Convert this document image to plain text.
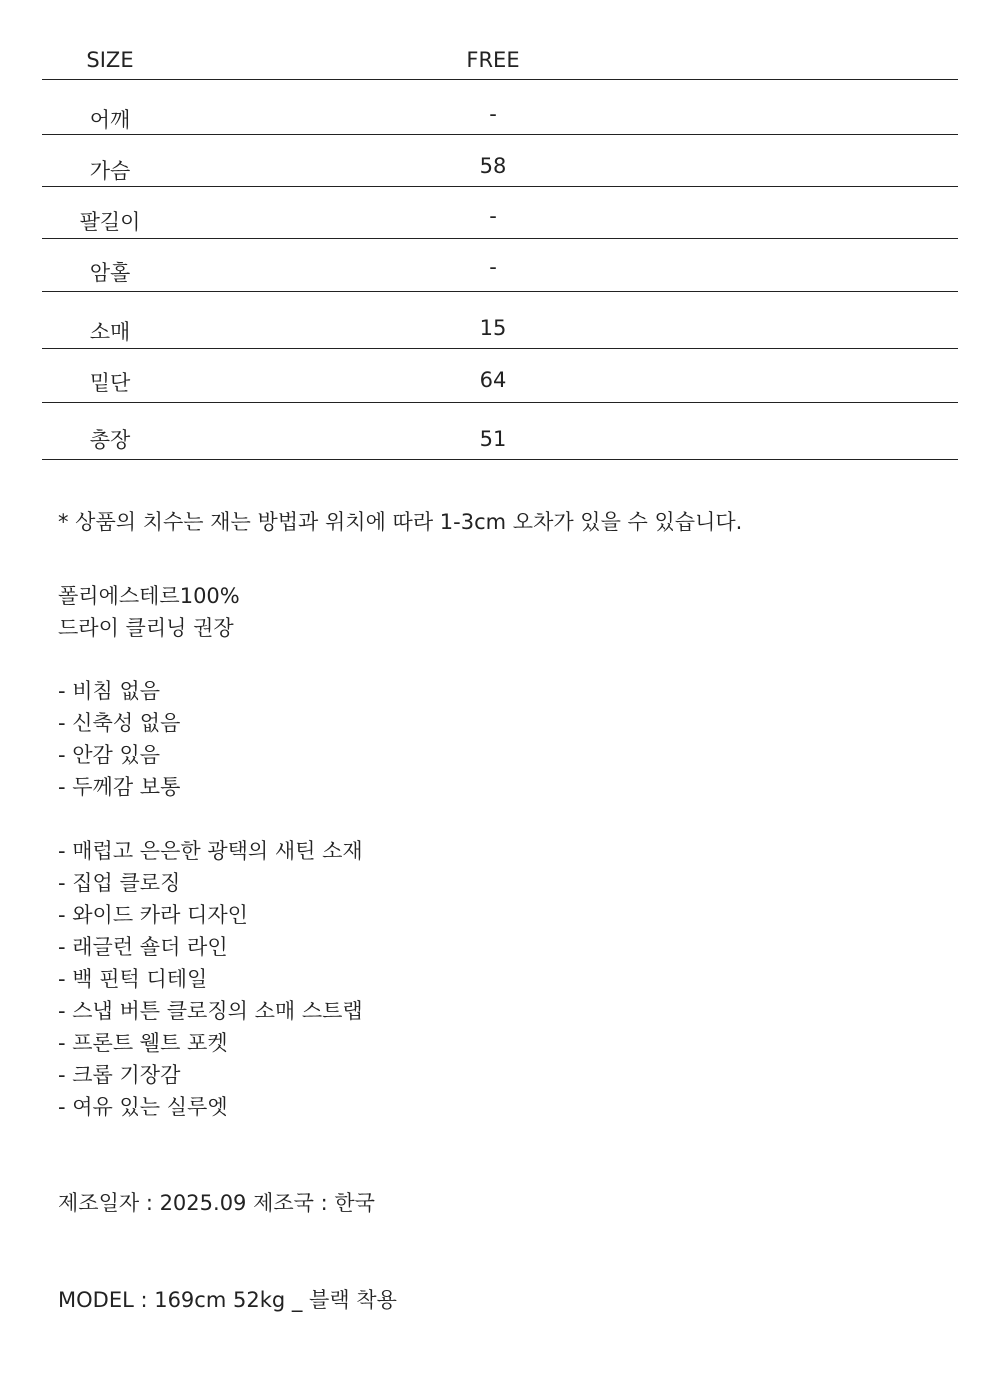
SIZE	FREE
어깨	-
가슴	58
팔길이	-
암홀	-
소매	15
밑단	64
총장	51
* 상품의 치수는 재는 방법과 위치에 따라 1-3cm 오차가 있을 수 있습니다.
폴리에스테르100%
드라이 클리닝 권장
- 비침 없음
- 신축성 없음
- 안감 있음
- 두께감 보통
- 매럽고 은은한 광택의 새틴 소재
- 집업 클로징
- 와이드 카라 디자인
- 래글런 숄더 라인
- 백 핀턱 디테일
- 스냅 버튼 클로징의 소매 스트랩
- 프론트 웰트 포켓
- 크롭 기장감
- 여유 있는 실루엣
제조일자 : 2025.09 제조국 : 한국
MODEL : 169cm 52kg _ 블랙 착용
